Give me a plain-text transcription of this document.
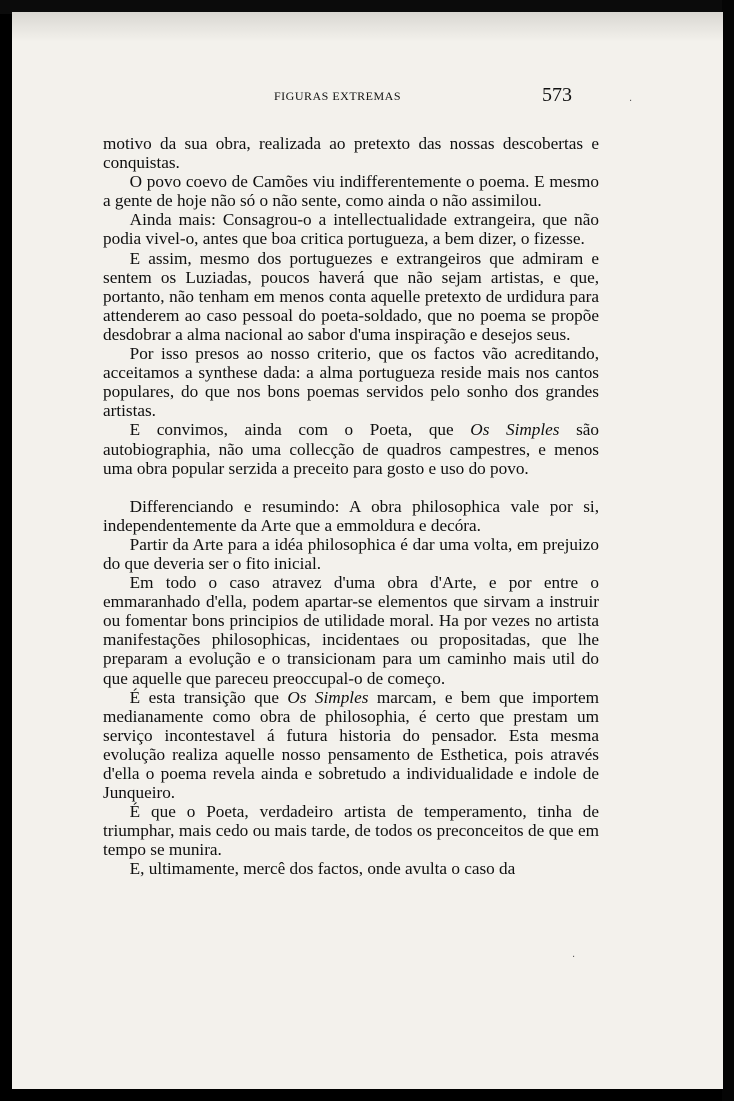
FIGURAS EXTREMAS	573

motivo da sua obra, realizada ao pretexto das nossas descobertas e conquistas.

O povo coevo de Camões viu indifferentemente o poema. E mesmo a gente de hoje não só o não sente, como ainda o não assimilou.

Ainda mais: Consagrou-o a intellectualidade extrangeira, que não podia vivel-o, antes que boa critica portugueza, a bem dizer, o fizesse.

E assim, mesmo dos portuguezes e extrangeiros que admiram e sentem os Luziadas, poucos haverá que não sejam artistas, e que, portanto, não tenham em menos conta aquelle pretexto de urdidura para attenderem ao caso pessoal do poeta-soldado, que no poema se propõe desdobrar a alma nacional ao sabor d'uma inspiração e desejos seus.

Por isso presos ao nosso criterio, que os factos vão acreditando, acceitamos a synthese dada: a alma portugueza reside mais nos cantos populares, do que nos bons poemas servidos pelo sonho dos grandes artistas.

E convimos, ainda com o Poeta, que Os Simples são autobiographia, não uma collecção de quadros campestres, e menos uma obra popular serzida a preceito para gosto e uso do povo.

Differenciando e resumindo: A obra philosophica vale por si, independentemente da Arte que a emmoldura e decóra.

Partir da Arte para a idéa philosophica é dar uma volta, em prejuizo do que deveria ser o fito inicial.

Em todo o caso atravez d'uma obra d'Arte, e por entre o emmaranhado d'ella, podem apartar-se elementos que sirvam a instruir ou fomentar bons principios de utilidade moral. Ha por vezes no artista manifestações philosophicas, incidentaes ou propositadas, que lhe preparam a evolução e o transicionam para um caminho mais util do que aquelle que pareceu preoccupal-o de começo.

É esta transição que Os Simples marcam, e bem que importem medianamente como obra de philosophia, é certo que prestam um serviço incontestavel á futura historia do pensador. Esta mesma evolução realiza aquelle nosso pensamento de Esthetica, pois através d'ella o poema revela ainda e sobretudo a individualidade e indole de Junqueiro.

É que o Poeta, verdadeiro artista de temperamento, tinha de triumphar, mais cedo ou mais tarde, de todos os preconceitos de que em tempo se munira.

E, ultimamente, mercê dos factos, onde avulta o caso da

·
·
